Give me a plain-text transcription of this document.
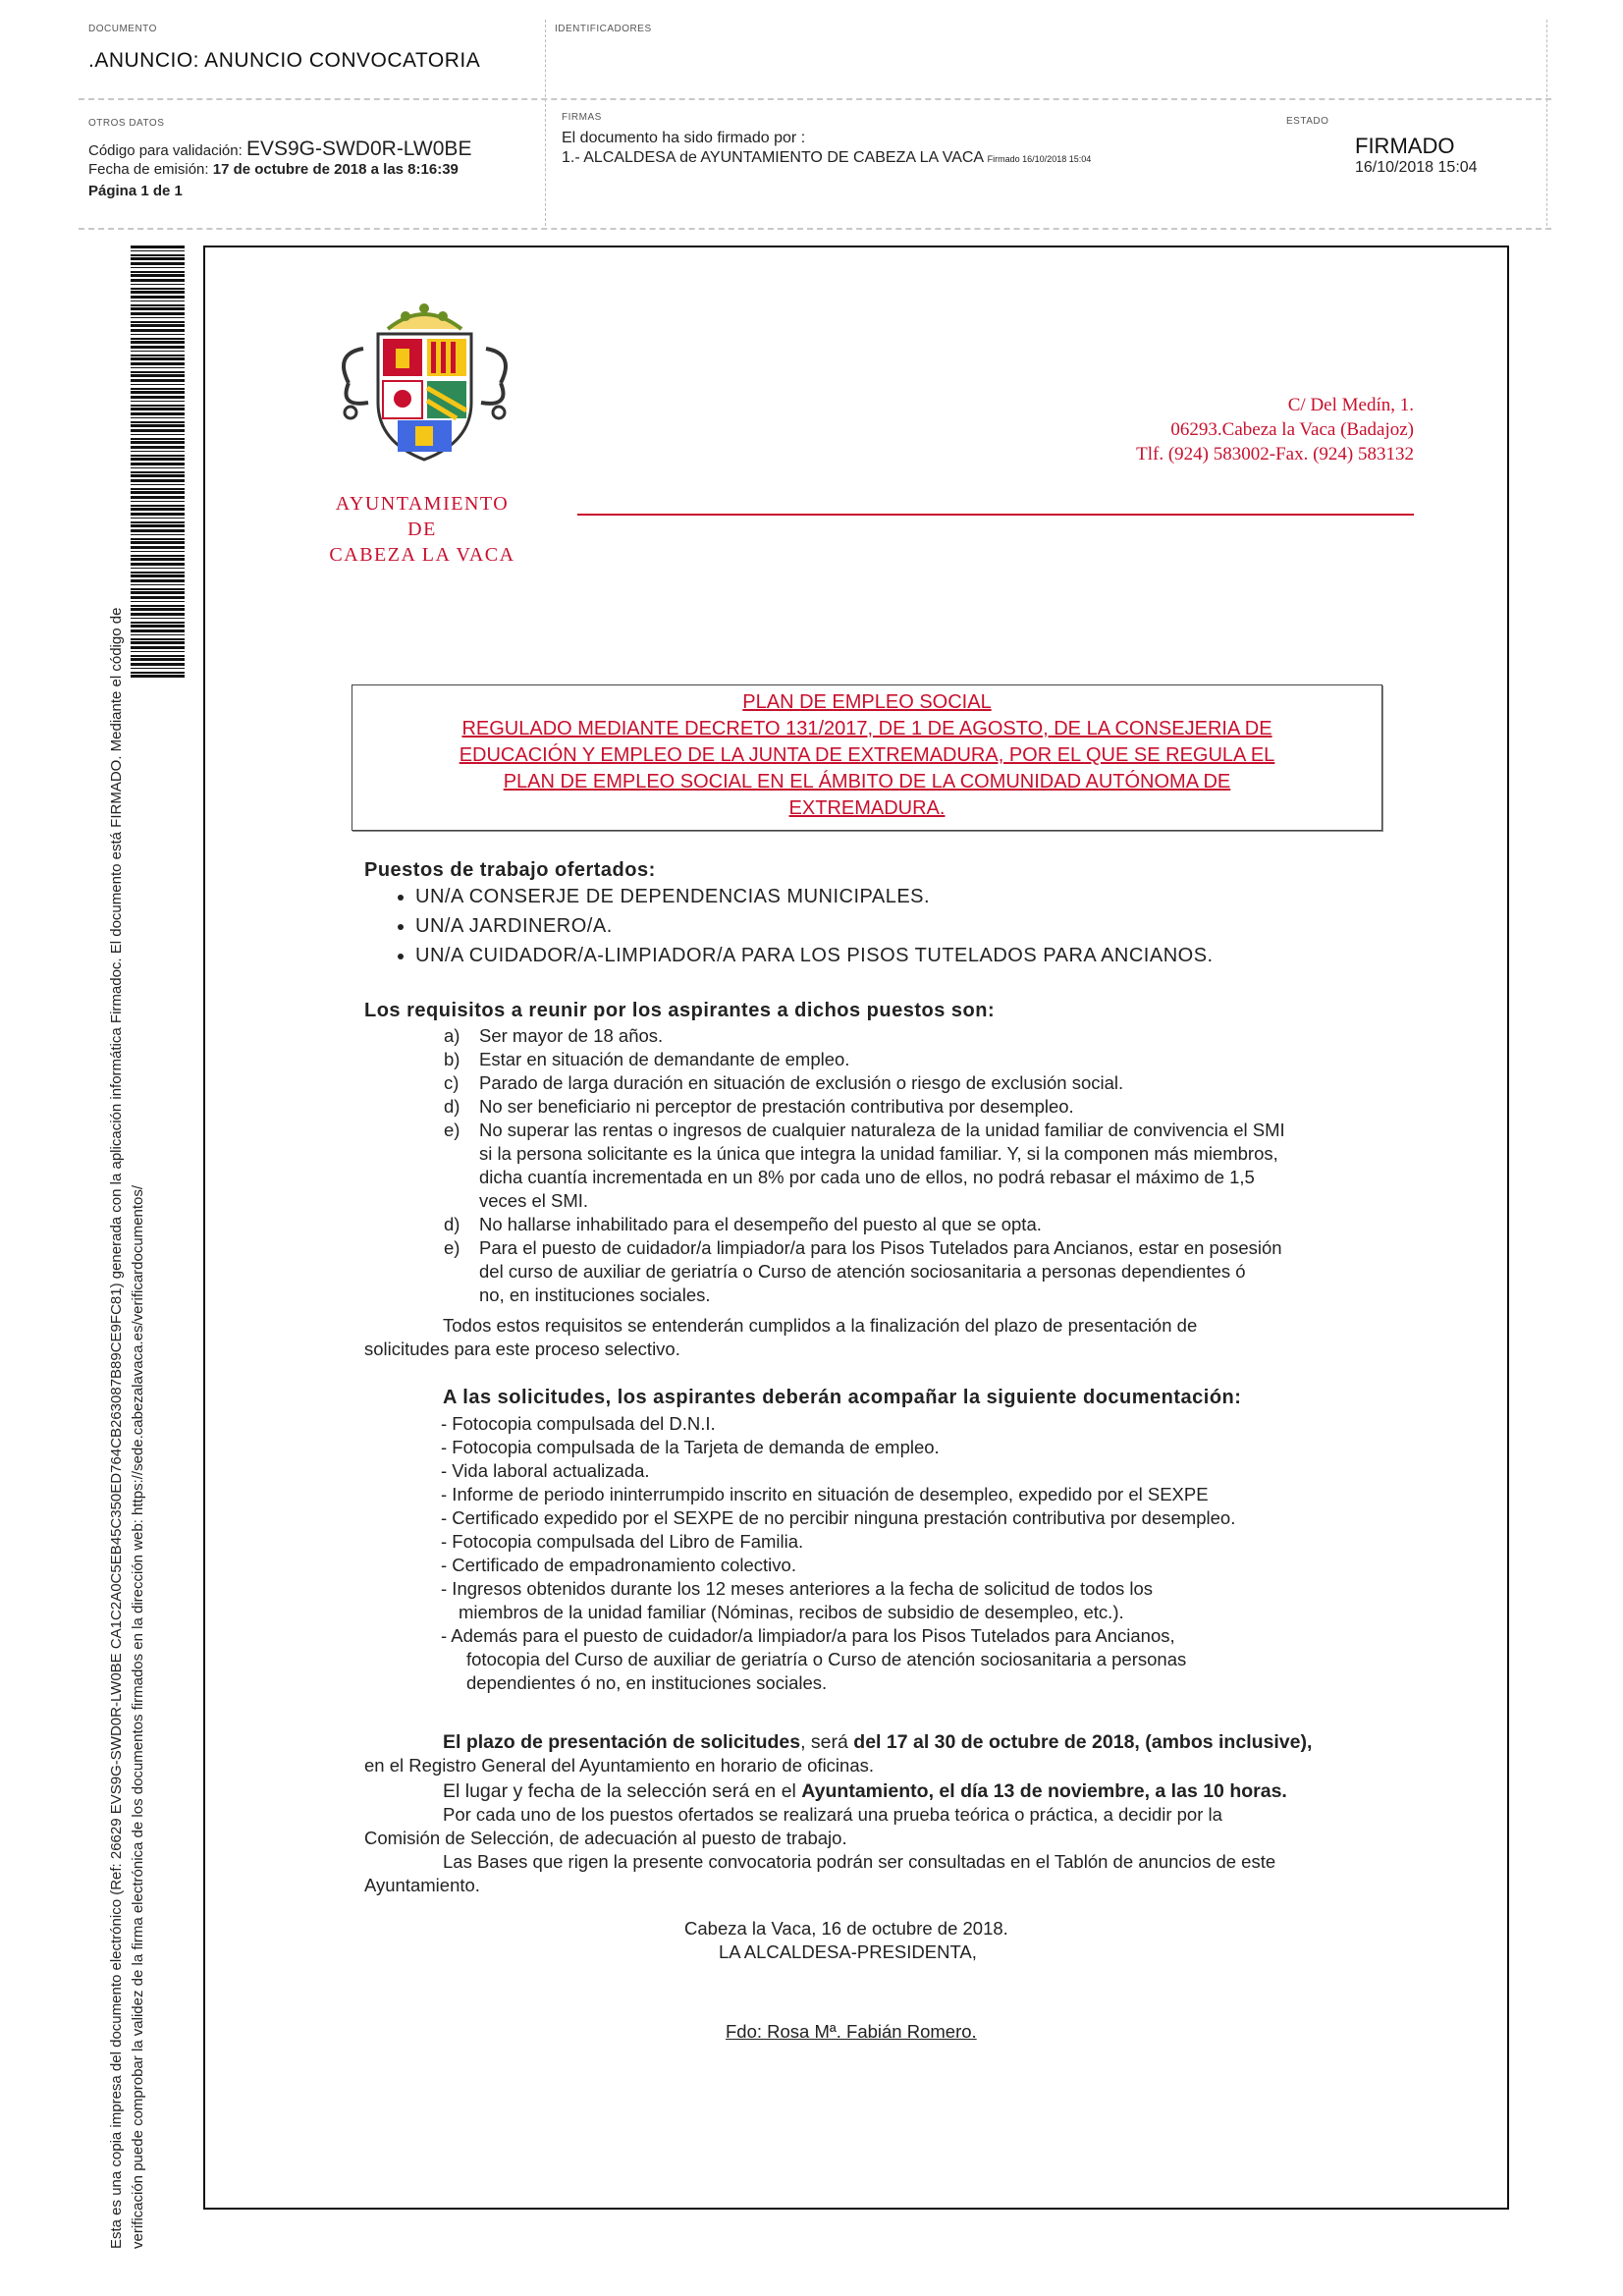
DOCUMENTO
.ANUNCIO: ANUNCIO CONVOCATORIA
IDENTIFICADORES
OTROS DATOS
Código para validación: EVS9G-SWD0R-LW0BE
Fecha de emisión: 17 de octubre de 2018 a las 8:16:39
Página 1 de 1
FIRMAS
El documento ha sido firmado por :
1.- ALCALDESA de AYUNTAMIENTO DE CABEZA LA VACA Firmado 16/10/2018 15:04
ESTADO
FIRMADO
16/10/2018 15:04
Esta es una copia impresa del documento electrónico (Ref: 26629 EVS9G-SWD0R-LW0BE CA1C2A0C5EB45C350ED764CB263087B89CE9FC81) generada con la aplicación informática Firmadoc. El documento está FIRMADO. Mediante el código de verificación puede comprobar la validez de la firma electrónica de los documentos firmados en la dirección web: https://sede.cabezalavaca.es/verificardocumentos/
AYUNTAMIENTO
DE
CABEZA LA VACA
C/ Del Medín, 1.
06293.Cabeza la Vaca (Badajoz)
Tlf. (924) 583002-Fax. (924) 583132
PLAN DE EMPLEO SOCIAL
REGULADO MEDIANTE DECRETO 131/2017, DE 1 DE AGOSTO, DE LA CONSEJERIA DE
EDUCACIÓN Y EMPLEO DE LA JUNTA DE EXTREMADURA, POR EL QUE SE REGULA EL
PLAN DE EMPLEO SOCIAL EN EL ÁMBITO DE LA COMUNIDAD AUTÓNOMA DE
EXTREMADURA.
Puestos de trabajo ofertados:
• UN/A CONSERJE DE DEPENDENCIAS MUNICIPALES.
• UN/A JARDINERO/A.
• UN/A CUIDADOR/A-LIMPIADOR/A PARA LOS PISOS TUTELADOS PARA ANCIANOS.
Los requisitos a reunir por los aspirantes a dichos puestos son:
a)	Ser mayor de 18 años.
b)	Estar en situación de demandante de empleo.
c)	Parado de larga duración en situación de exclusión o riesgo de exclusión social.
d)	No ser beneficiario ni perceptor de prestación contributiva por desempleo.
e)	No superar las rentas o ingresos de cualquier naturaleza de la unidad familiar de convivencia el SMI
si la persona solicitante es la única que integra la unidad familiar. Y, si la componen más miembros,
dicha cuantía incrementada en un 8% por cada uno de ellos, no podrá rebasar el máximo de 1,5
veces el SMI.
d)	No hallarse inhabilitado para el desempeño del puesto al que se opta.
e)	Para el puesto de cuidador/a limpiador/a para los Pisos Tutelados para Ancianos, estar en posesión
del curso de auxiliar de geriatría o Curso de atención sociosanitaria a personas dependientes ó
no, en instituciones sociales.
Todos estos requisitos se entenderán cumplidos a la finalización del plazo de presentación de
solicitudes para este proceso selectivo.
A las solicitudes, los aspirantes deberán acompañar la siguiente documentación:
- Fotocopia compulsada del D.N.I.
- Fotocopia compulsada de la Tarjeta de demanda de empleo.
- Vida laboral actualizada.
- Informe de periodo ininterrumpido inscrito en situación de desempleo, expedido por el SEXPE
- Certificado expedido por el SEXPE de no percibir ninguna prestación contributiva por desempleo.
- Fotocopia compulsada del Libro de Familia.
- Certificado de empadronamiento colectivo.
- Ingresos obtenidos durante los 12 meses anteriores a la fecha de solicitud de todos los
miembros de la unidad familiar (Nóminas, recibos de subsidio de desempleo, etc.).
- Además para el puesto de cuidador/a limpiador/a para los Pisos Tutelados para Ancianos,
fotocopia del Curso de auxiliar de geriatría o Curso de atención sociosanitaria a personas
dependientes ó no, en instituciones sociales.
El plazo de presentación de solicitudes, será del 17 al 30 de octubre de 2018, (ambos inclusive),
en el Registro General del Ayuntamiento en horario de oficinas.
El lugar y fecha de la selección será en el Ayuntamiento, el día 13 de noviembre, a las 10 horas.
Por cada uno de los puestos ofertados se realizará una prueba teórica o práctica, a decidir por la
Comisión de Selección, de adecuación al puesto de trabajo.
Las Bases que rigen la presente convocatoria podrán ser consultadas en el Tablón de anuncios de este
Ayuntamiento.
Cabeza la Vaca, 16 de octubre de 2018.
LA ALCALDESA-PRESIDENTA,
Fdo: Rosa Mª. Fabián Romero.
